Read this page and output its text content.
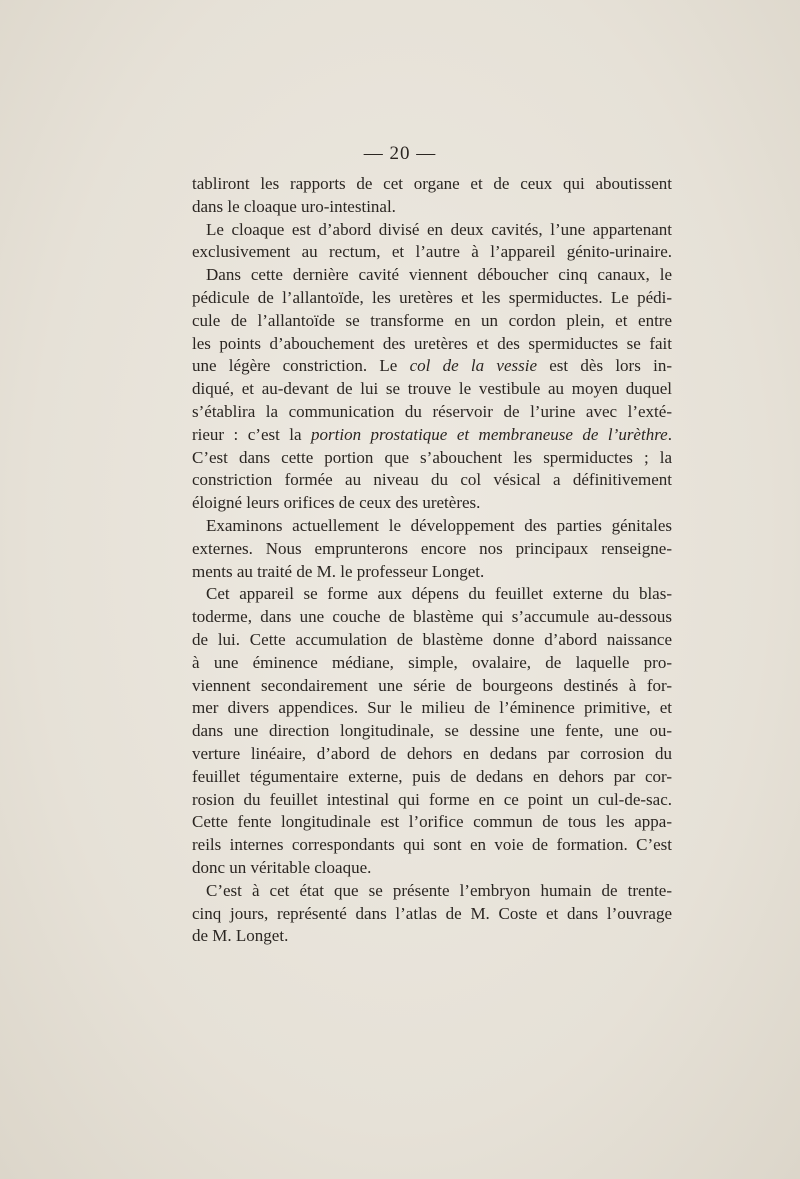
— 20 —
tabliront les rapports de cet organe et de ceux qui aboutissent
dans le cloaque uro-intestinal.
Le cloaque est d’abord divisé en deux cavités, l’une appartenant
exclusivement au rectum, et l’autre à l’appareil génito-urinaire.
Dans cette dernière cavité viennent déboucher cinq canaux, le
pédicule de l’allantoïde, les uretères et les spermiductes. Le pédi-
cule de l’allantoïde se transforme en un cordon plein, et entre
les points d’abouchement des uretères et des spermiductes se fait
une légère constriction. Le col de la vessie est dès lors in-
diqué, et au-devant de lui se trouve le vestibule au moyen duquel
s’établira la communication du réservoir de l’urine avec l’exté-
rieur : c’est la portion prostatique et membraneuse de l’urèthre.
C’est dans cette portion que s’abouchent les spermiductes ; la
constriction formée au niveau du col vésical a définitivement
éloigné leurs orifices de ceux des uretères.
Examinons actuellement le développement des parties génitales
externes. Nous emprunterons encore nos principaux renseigne-
ments au traité de M. le professeur Longet.
Cet appareil se forme aux dépens du feuillet externe du blas-
toderme, dans une couche de blastème qui s’accumule au-dessous
de lui. Cette accumulation de blastème donne d’abord naissance
à une éminence médiane, simple, ovalaire, de laquelle pro-
viennent secondairement une série de bourgeons destinés à for-
mer divers appendices. Sur le milieu de l’éminence primitive, et
dans une direction longitudinale, se dessine une fente, une ou-
verture linéaire, d’abord de dehors en dedans par corrosion du
feuillet tégumentaire externe, puis de dedans en dehors par cor-
rosion du feuillet intestinal qui forme en ce point un cul-de-sac.
Cette fente longitudinale est l’orifice commun de tous les appa-
reils internes correspondants qui sont en voie de formation. C’est
donc un véritable cloaque.
C’est à cet état que se présente l’embryon humain de trente-
cinq jours, représenté dans l’atlas de M. Coste et dans l’ouvrage
de M. Longet.
